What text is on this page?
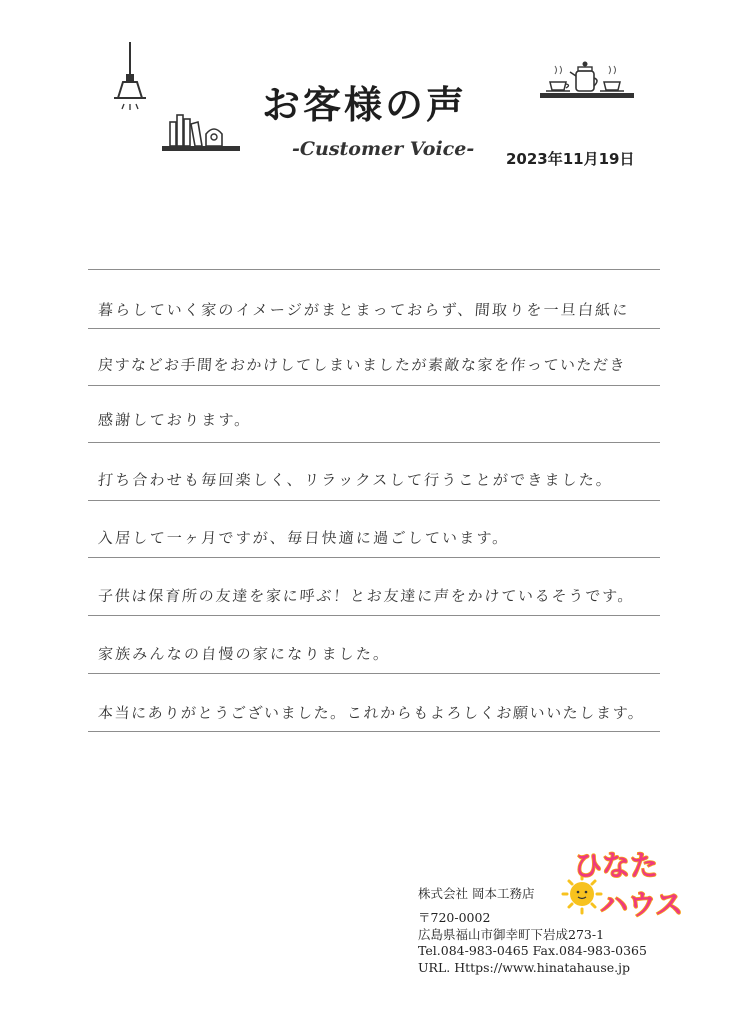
お客様の声
-Customer Voice- 2023年11月19日
暮らしていく家のイメージがまとまっておらず、間取りを一旦白紙に
戻すなどお手間をおかけしてしまいましたが素敵な家を作っていただき
感謝しております。
打ち合わせも毎回楽しく、リラックスして行うことができました。
入居して一ヶ月ですが、毎日快適に過ごしています。
子供は保育所の友達を家に呼ぶ！とお友達に声をかけているそうです。
家族みんなの自慢の家になりました。
本当にありがとうございました。これからもよろしくお願いいたします。
株式会社 岡本工務店
〒720-0002
広島県福山市御幸町下岩成273-1
Tel.084-983-0465 Fax.084-983-0365
URL. Https://www.hinatahause.jp
ひなた
ハウス
